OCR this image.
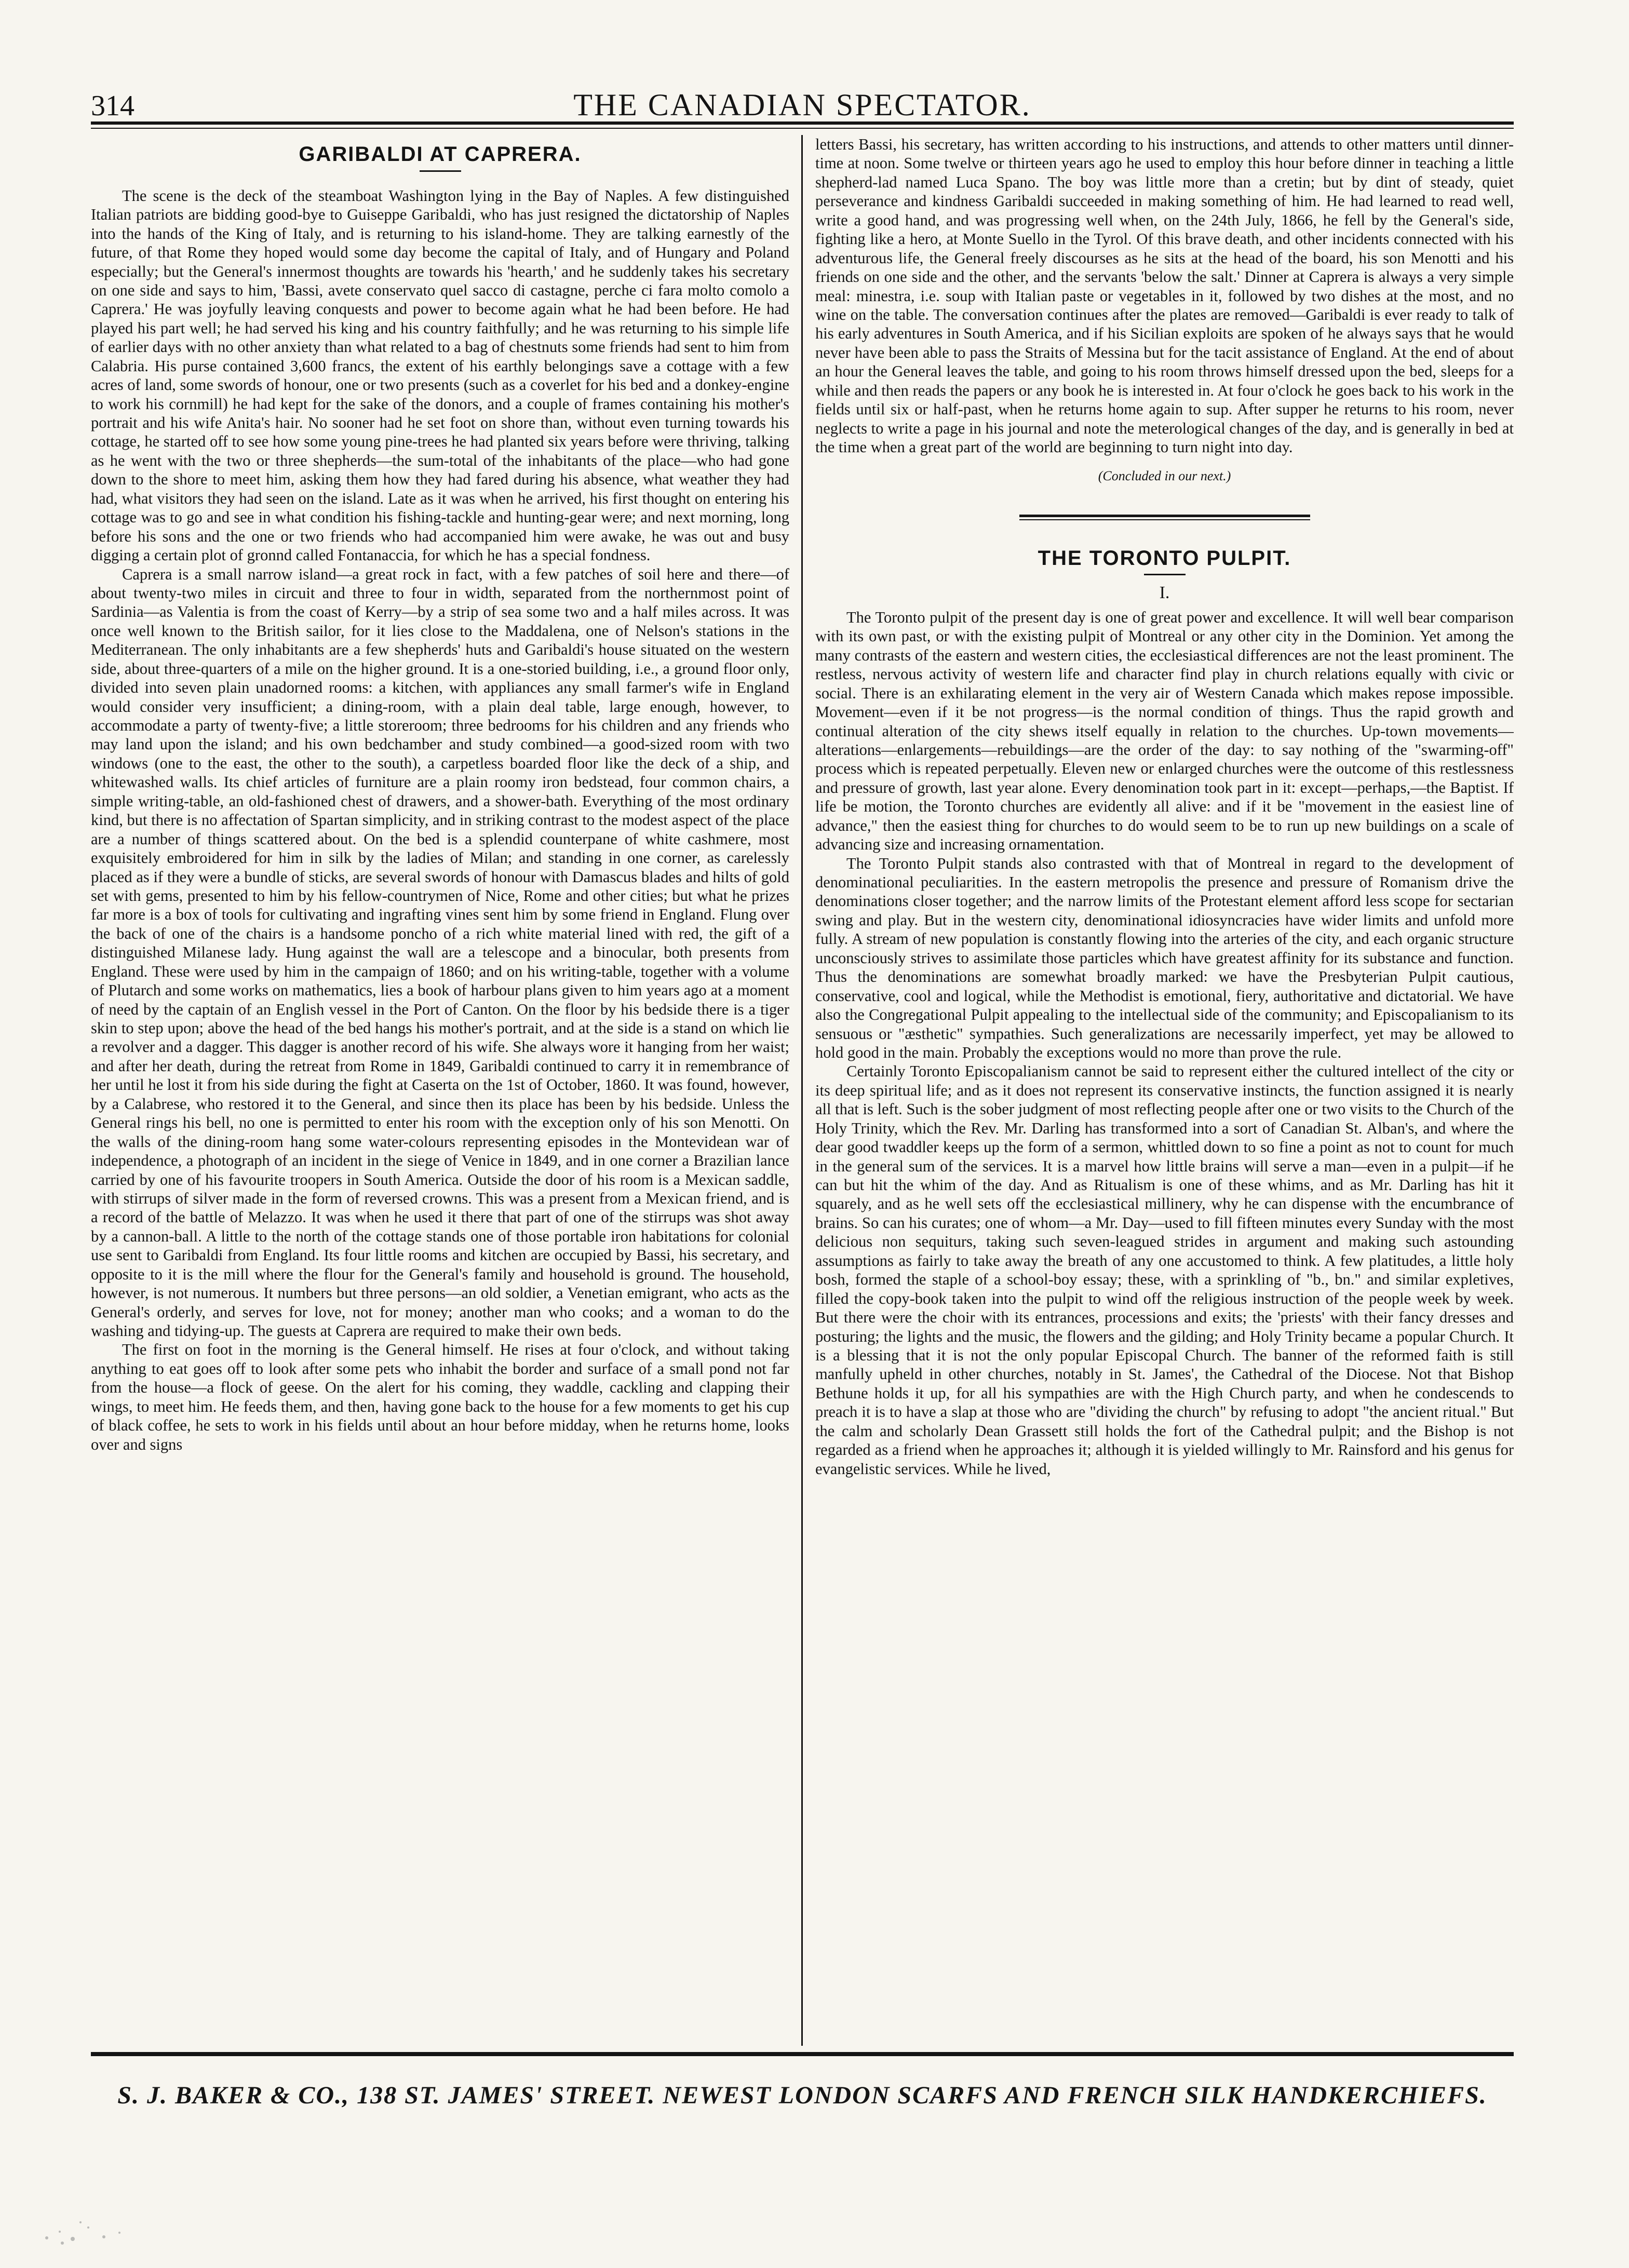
314	THE CANADIAN SPECTATOR.
GARIBALDI AT CAPRERA.

The scene is the deck of the steamboat Washington lying in the Bay of Naples. A few distinguished Italian patriots are bidding good-bye to Guiseppe Garibaldi, who has just resigned the dictatorship of Naples into the hands of the King of Italy, and is returning to his island-home. They are talking earnestly of the future, of that Rome they hoped would some day become the capital of Italy, and of Hungary and Poland especially; but the General's innermost thoughts are towards his 'hearth,' and he suddenly takes his secretary on one side and says to him, 'Bassi, avete conservato quel sacco di castagne, perche ci fara molto comolo a Caprera.' He was joyfully leaving conquests and power to become again what he had been before. He had played his part well; he had served his king and his country faithfully; and he was returning to his simple life of earlier days with no other anxiety than what related to a bag of chestnuts some friends had sent to him from Calabria. His purse contained 3,600 francs, the extent of his earthly belongings save a cottage with a few acres of land, some swords of honour, one or two presents (such as a coverlet for his bed and a donkey-engine to work his cornmill) he had kept for the sake of the donors, and a couple of frames containing his mother's portrait and his wife Anita's hair. No sooner had he set foot on shore than, without even turning towards his cottage, he started off to see how some young pine-trees he had planted six years before were thriving, talking as he went with the two or three shepherds—the sum-total of the inhabitants of the place—who had gone down to the shore to meet him, asking them how they had fared during his absence, what weather they had had, what visitors they had seen on the island. Late as it was when he arrived, his first thought on entering his cottage was to go and see in what condition his fishing-tackle and hunting-gear were; and next morning, long before his sons and the one or two friends who had accompanied him were awake, he was out and busy digging a certain plot of gronnd called Fontanaccia, for which he has a special fondness.

Caprera is a small narrow island—a great rock in fact, with a few patches of soil here and there—of about twenty-two miles in circuit and three to four in width, separated from the northernmost point of Sardinia—as Valentia is from the coast of Kerry—by a strip of sea some two and a half miles across. It was once well known to the British sailor, for it lies close to the Maddalena, one of Nelson's stations in the Mediterranean. The only inhabitants are a few shepherds' huts and Garibaldi's house situated on the western side, about three-quarters of a mile on the higher ground. It is a one-storied building, i.e., a ground floor only, divided into seven plain unadorned rooms: a kitchen, with appliances any small farmer's wife in England would consider very insufficient; a dining-room, with a plain deal table, large enough, however, to accommodate a party of twenty-five; a little storeroom; three bedrooms for his children and any friends who may land upon the island; and his own bedchamber and study combined—a good-sized room with two windows (one to the east, the other to the south), a carpetless boarded floor like the deck of a ship, and whitewashed walls. Its chief articles of furniture are a plain roomy iron bedstead, four common chairs, a simple writing-table, an old-fashioned chest of drawers, and a shower-bath. Everything of the most ordinary kind, but there is no affectation of Spartan simplicity, and in striking contrast to the modest aspect of the place are a number of things scattered about. On the bed is a splendid counterpane of white cashmere, most exquisitely embroidered for him in silk by the ladies of Milan; and standing in one corner, as carelessly placed as if they were a bundle of sticks, are several swords of honour with Damascus blades and hilts of gold set with gems, presented to him by his fellow-countrymen of Nice, Rome and other cities; but what he prizes far more is a box of tools for cultivating and ingrafting vines sent him by some friend in England. Flung over the back of one of the chairs is a handsome poncho of a rich white material lined with red, the gift of a distinguished Milanese lady. Hung against the wall are a telescope and a binocular, both presents from England. These were used by him in the campaign of 1860; and on his writing-table, together with a volume of Plutarch and some works on mathematics, lies a book of harbour plans given to him years ago at a moment of need by the captain of an English vessel in the Port of Canton. On the floor by his bedside there is a tiger skin to step upon; above the head of the bed hangs his mother's portrait, and at the side is a stand on which lie a revolver and a dagger. This dagger is another record of his wife. She always wore it hanging from her waist; and after her death, during the retreat from Rome in 1849, Garibaldi continued to carry it in remembrance of her until he lost it from his side during the fight at Caserta on the 1st of October, 1860. It was found, however, by a Calabrese, who restored it to the General, and since then its place has been by his bedside. Unless the General rings his bell, no one is permitted to enter his room with the exception only of his son Menotti. On the walls of the dining-room hang some water-colours representing episodes in the Montevidean war of independence, a photograph of an incident in the siege of Venice in 1849, and in one corner a Brazilian lance carried by one of his favourite troopers in South America. Outside the door of his room is a Mexican saddle, with stirrups of silver made in the form of reversed crowns. This was a present from a Mexican friend, and is a record of the battle of Melazzo. It was when he used it there that part of one of the stirrups was shot away by a cannon-ball. A little to the north of the cottage stands one of those portable iron habitations for colonial use sent to Garibaldi from England. Its four little rooms and kitchen are occupied by Bassi, his secretary, and opposite to it is the mill where the flour for the General's family and household is ground. The household, however, is not numerous. It numbers but three persons—an old soldier, a Venetian emigrant, who acts as the General's orderly, and serves for love, not for money; another man who cooks; and a woman to do the washing and tidying-up. The guests at Caprera are required to make their own beds.

The first on foot in the morning is the General himself. He rises at four o'clock, and without taking anything to eat goes off to look after some pets who inhabit the border and surface of a small pond not far from the house—a flock of geese. On the alert for his coming, they waddle, cackling and clapping their wings, to meet him. He feeds them, and then, having gone back to the house for a few moments to get his cup of black coffee, he sets to work in his fields until about an hour before midday, when he returns home, looks over and signs

letters Bassi, his secretary, has written according to his instructions, and attends to other matters until dinner-time at noon. Some twelve or thirteen years ago he used to employ this hour before dinner in teaching a little shepherd-lad named Luca Spano. The boy was little more than a cretin; but by dint of steady, quiet perseverance and kindness Garibaldi succeeded in making something of him. He had learned to read well, write a good hand, and was progressing well when, on the 24th July, 1866, he fell by the General's side, fighting like a hero, at Monte Suello in the Tyrol. Of this brave death, and other incidents connected with his adventurous life, the General freely discourses as he sits at the head of the board, his son Menotti and his friends on one side and the other, and the servants 'below the salt.' Dinner at Caprera is always a very simple meal: minestra, i.e. soup with Italian paste or vegetables in it, followed by two dishes at the most, and no wine on the table. The conversation continues after the plates are removed—Garibaldi is ever ready to talk of his early adventures in South America, and if his Sicilian exploits are spoken of he always says that he would never have been able to pass the Straits of Messina but for the tacit assistance of England. At the end of about an hour the General leaves the table, and going to his room throws himself dressed upon the bed, sleeps for a while and then reads the papers or any book he is interested in. At four o'clock he goes back to his work in the fields until six or half-past, when he returns home again to sup. After supper he returns to his room, never neglects to write a page in his journal and note the meterological changes of the day, and is generally in bed at the time when a great part of the world are beginning to turn night into day.

(Concluded in our next.)
THE TORONTO PULPIT.
I.

The Toronto pulpit of the present day is one of great power and excellence. It will well bear comparison with its own past, or with the existing pulpit of Montreal or any other city in the Dominion. Yet among the many contrasts of the eastern and western cities, the ecclesiastical differences are not the least prominent. The restless, nervous activity of western life and character find play in church relations equally with civic or social. There is an exhilarating element in the very air of Western Canada which makes repose impossible. Movement—even if it be not progress—is the normal condition of things. Thus the rapid growth and continual alteration of the city shews itself equally in relation to the churches. Up-town movements—alterations—enlargements—rebuildings—are the order of the day: to say nothing of the "swarming-off" process which is repeated perpetually. Eleven new or enlarged churches were the outcome of this restlessness and pressure of growth, last year alone. Every denomination took part in it: except—perhaps,—the Baptist. If life be motion, the Toronto churches are evidently all alive: and if it be "movement in the easiest line of advance," then the easiest thing for churches to do would seem to be to run up new buildings on a scale of advancing size and increasing ornamentation.

The Toronto Pulpit stands also contrasted with that of Montreal in regard to the development of denominational peculiarities. In the eastern metropolis the presence and pressure of Romanism drive the denominations closer together; and the narrow limits of the Protestant element afford less scope for sectarian swing and play. But in the western city, denominational idiosyncracies have wider limits and unfold more fully. A stream of new population is constantly flowing into the arteries of the city, and each organic structure unconsciously strives to assimilate those particles which have greatest affinity for its substance and function. Thus the denominations are somewhat broadly marked: we have the Presbyterian Pulpit cautious, conservative, cool and logical, while the Methodist is emotional, fiery, authoritative and dictatorial. We have also the Congregational Pulpit appealing to the intellectual side of the community; and Episcopalianism to its sensuous or "æsthetic" sympathies. Such generalizations are necessarily imperfect, yet may be allowed to hold good in the main. Probably the exceptions would no more than prove the rule.

Certainly Toronto Episcopalianism cannot be said to represent either the cultured intellect of the city or its deep spiritual life; and as it does not represent its conservative instincts, the function assigned it is nearly all that is left. Such is the sober judgment of most reflecting people after one or two visits to the Church of the Holy Trinity, which the Rev. Mr. Darling has transformed into a sort of Canadian St. Alban's, and where the dear good twaddler keeps up the form of a sermon, whittled down to so fine a point as not to count for much in the general sum of the services. It is a marvel how little brains will serve a man—even in a pulpit—if he can but hit the whim of the day. And as Ritualism is one of these whims, and as Mr. Darling has hit it squarely, and as he well sets off the ecclesiastical millinery, why he can dispense with the encumbrance of brains. So can his curates; one of whom—a Mr. Day—used to fill fifteen minutes every Sunday with the most delicious non sequiturs, taking such seven-leagued strides in argument and making such astounding assumptions as fairly to take away the breath of any one accustomed to think. A few platitudes, a little holy bosh, formed the staple of a school-boy essay; these, with a sprinkling of "b., bn." and similar expletives, filled the copy-book taken into the pulpit to wind off the religious instruction of the people week by week. But there were the choir with its entrances, processions and exits; the 'priests' with their fancy dresses and posturing; the lights and the music, the flowers and the gilding; and Holy Trinity became a popular Church. It is a blessing that it is not the only popular Episcopal Church. The banner of the reformed faith is still manfully upheld in other churches, notably in St. James', the Cathedral of the Diocese. Not that Bishop Bethune holds it up, for all his sympathies are with the High Church party, and when he condescends to preach it is to have a slap at those who are "dividing the church" by refusing to adopt "the ancient ritual." But the calm and scholarly Dean Grassett still holds the fort of the Cathedral pulpit; and the Bishop is not regarded as a friend when he approaches it; although it is yielded willingly to Mr. Rainsford and his genus for evangelistic services. While he lived,

S. J. BAKER & CO., 138 ST. JAMES' STREET. NEWEST LONDON SCARFS AND FRENCH SILK HANDKERCHIEFS.
